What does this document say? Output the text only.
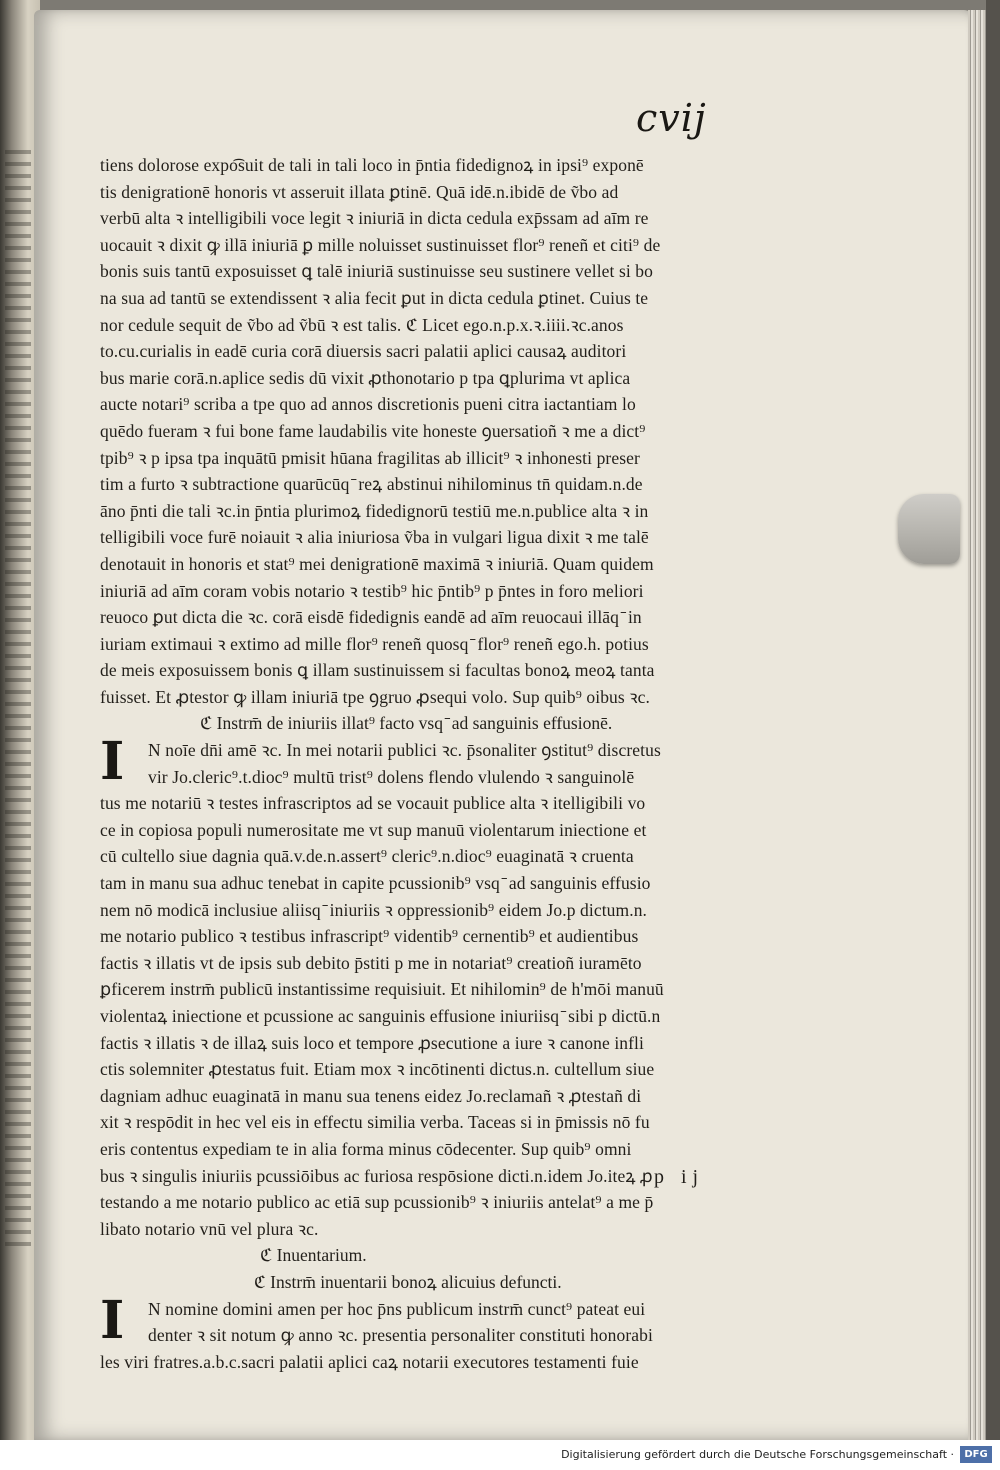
cvij
tiens dolorose expo͡suit de tali in tali loco in p̄ntia fidedignoꝝ in ipsi⁹ exponē
tis denigrationē honoris vt asseruit illata ꝑtinē. Quā idē.n.ibidē de ṽbo ad
verbū alta ꝛ intelligibili voce legit ꝛ iniuriā in dicta cedula exp̄ssam ad aīm re
uocauit ꝛ dixit ꝙ illā iniuriā ꝑ mille noluisset sustinuisset flor⁹ reneñ et citi⁹ de
bonis suis tantū exposuisset ꝗ talē iniuriā sustinuisse seu sustinere vellet si bo
na sua ad tantū se extendissent ꝛ alia fecit ꝑut in dicta cedula ꝑtinet. Cuius te
nor cedule sequit de ṽbo ad ṽbū ꝛ est talis. ℭ Licet ego.n.p.x.ꝛ.iiii.ꝛc.anos
to.cu.curialis in eadē curia corā diuersis sacri palatii aplici causaꝝ auditori
bus marie corā.n.aplice sedis dū vixit ꝓthonotario p tpa ꝗplurima vt aplica
aucte notari⁹ scriba a tpe quo ad annos discretionis pueni citra iactantiam lo
quēdo fueram ꝛ fui bone fame laudabilis vite honeste ꝯuersatioñ ꝛ me a dict⁹
tpib⁹ ꝛ p ipsa tpa inquātū pmisit hūana fragilitas ab illicit⁹ ꝛ inhonesti preser
tim a furto ꝛ subtractione quarūcūq ̄ reꝝ abstinui nihilominus tn̄ quidam.n.de
āno p̄nti die tali ꝛc.in p̄ntia plurimoꝝ fidedignorū testiū me.n.publice alta ꝛ in
telligibili voce furē noiauit ꝛ alia iniuriosa ṽba in vulgari ligua dixit ꝛ me talē
denotauit in honoris et stat⁹ mei denigrationē maximā ꝛ iniuriā. Quam quidem
iniuriā ad aīm coram vobis notario ꝛ testib⁹ hic p̄ntib⁹ p p̄ntes in foro meliori
reuoco ꝑut dicta die ꝛc. corā eisdē fidedignis eandē ad aīm reuocaui illāq ̄ in
iuriam extimaui ꝛ extimo ad mille flor⁹ reneñ quosq ̄ flor⁹ reneñ ego.h. potius
de meis exposuissem bonis ꝗ illam sustinuissem si facultas bonoꝝ meoꝝ tanta
fuisset. Et ꝓtestor ꝙ illam iniuriā tpe ꝯgruo ꝓsequi volo. Sup quib⁹ oibus ꝛc.
ℭ Instrm̄ de iniuriis illat⁹ facto vsq ̄ ad sanguinis effusionē.
I	N noīe dn̄i amē ꝛc. In mei notarii publici ꝛc. p̄sonaliter ꝯstitut⁹ discretus
vir Jo.cleric⁹.t.dioc⁹ multū trist⁹ dolens flendo vlulendo ꝛ sanguinolē
tus me notariū ꝛ testes infrascriptos ad se vocauit publice alta ꝛ itelligibili vo
ce in copiosa populi numerositate me vt sup manuū violentarum iniectione et
cū cultello siue dagnia quā.v.de.n.assert⁹ cleric⁹.n.dioc⁹ euaginatā ꝛ cruenta
tam in manu sua adhuc tenebat in capite pcussionib⁹ vsq ̄ ad sanguinis effusio
nem nō modicā inclusiue aliisq ̄ iniuriis ꝛ oppressionib⁹ eidem Jo.p dictum.n.
me notario publico ꝛ testibus infrascript⁹ videntib⁹ cernentib⁹ et audientibus
factis ꝛ illatis vt de ipsis sub debito p̄stiti p me in notariat⁹ creatioñ iuramēto
ꝑficerem instrm̄ publicū instantissime requisiuit. Et nihilomin⁹ de h'mōi manuū
violentaꝝ iniectione et pcussione ac sanguinis effusione iniuriisq ̄ sibi p dictū.n
factis ꝛ illatis ꝛ de illaꝝ suis loco et tempore ꝓsecutione a iure ꝛ canone infli
ctis solemniter ꝓtestatus fuit. Etiam mox ꝛ incōtinenti dictus.n. cultellum siue
dagniam adhuc euaginatā in manu sua tenens eidez Jo.reclamañ ꝛ ꝓtestañ di
xit ꝛ respōdit in hec vel eis in effectu similia verba. Taceas si in p̄missis nō fu
eris contentus expediam te in alia forma minus cōdecenter. Sup quib⁹ omni
bus ꝛ singulis iniuriis pcussiōibus ac furiosa respōsione dicti.n.idem Jo.iteꝝ ꝓ
testando a me notario publico ac etiā sup pcussionib⁹ ꝛ iniuriis antelat⁹ a me p̄
libato notario vnū vel plura ꝛc.
ℭ Inuentarium.
ℭ Instrm̄ inuentarii bonoꝝ alicuius defuncti.
I	N nomine domini amen per hoc p̄ns publicum instrm̄ cunct⁹ pateat eui
denter ꝛ sit notum ꝙ anno ꝛc. presentia personaliter constituti honorabi
les viri fratres.a.b.c.sacri palatii aplici caꝝ notarii executores testamenti fuie
p ij
Digitalisierung gefördert durch die Deutsche Forschungsgemeinschaft ·	DFG
